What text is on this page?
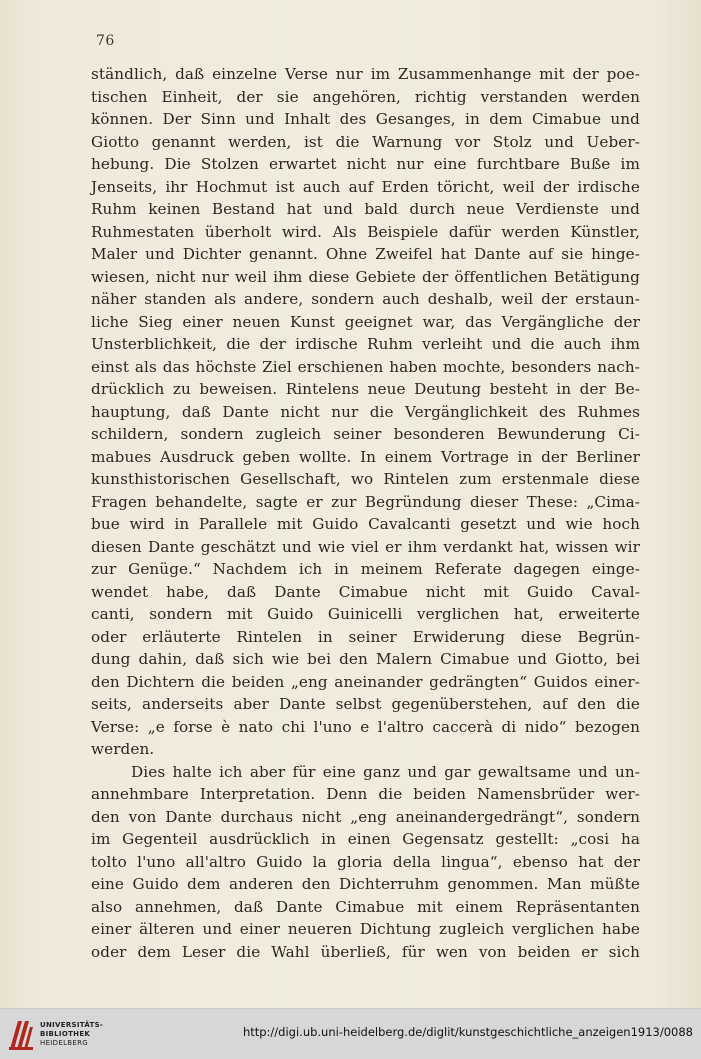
76
ständlich, daß einzelne Verse nur im Zusammenhange mit der poe-
tischen Einheit, der sie angehören, richtig verstanden werden
können. Der Sinn und Inhalt des Gesanges, in dem Cimabue und
Giotto genannt werden, ist die Warnung vor Stolz und Ueber-
hebung. Die Stolzen erwartet nicht nur eine furchtbare Buße im
Jenseits, ihr Hochmut ist auch auf Erden töricht, weil der irdische
Ruhm keinen Bestand hat und bald durch neue Verdienste und
Ruhmestaten überholt wird. Als Beispiele dafür werden Künstler,
Maler und Dichter genannt. Ohne Zweifel hat Dante auf sie hinge-
wiesen, nicht nur weil ihm diese Gebiete der öffentlichen Betätigung
näher standen als andere, sondern auch deshalb, weil der erstaun-
liche Sieg einer neuen Kunst geeignet war, das Vergängliche der
Unsterblichkeit, die der irdische Ruhm verleiht und die auch ihm
einst als das höchste Ziel erschienen haben mochte, besonders nach-
drücklich zu beweisen. Rintelens neue Deutung besteht in der Be-
hauptung, daß Dante nicht nur die Vergänglichkeit des Ruhmes
schildern, sondern zugleich seiner besonderen Bewunderung Ci-
mabues Ausdruck geben wollte. In einem Vortrage in der Berliner
kunsthistorischen Gesellschaft, wo Rintelen zum erstenmale diese
Fragen behandelte, sagte er zur Begründung dieser These: „Cima-
bue wird in Parallele mit Guido Cavalcanti gesetzt und wie hoch
diesen Dante geschätzt und wie viel er ihm verdankt hat, wissen wir
zur Genüge.“ Nachdem ich in meinem Referate dagegen einge-
wendet habe, daß Dante Cimabue nicht mit Guido Caval-
canti, sondern mit Guido Guinicelli verglichen hat, erweiterte
oder erläuterte Rintelen in seiner Erwiderung diese Begrün-
dung dahin, daß sich wie bei den Malern Cimabue und Giotto, bei
den Dichtern die beiden „eng aneinander gedrängten“ Guidos einer-
seits, anderseits aber Dante selbst gegenüberstehen, auf den die
Verse: „e forse è nato chi l'uno e l'altro caccerà di nido“ bezogen
werden.
Dies halte ich aber für eine ganz und gar gewaltsame und un-
annehmbare Interpretation. Denn die beiden Namensbrüder wer-
den von Dante durchaus nicht „eng aneinandergedrängt“, sondern
im Gegenteil ausdrücklich in einen Gegensatz gestellt: „cosi ha
tolto l'uno all'altro Guido la gloria della lingua“, ebenso hat der
eine Guido dem anderen den Dichterruhm genommen. Man müßte
also annehmen, daß Dante Cimabue mit einem Repräsentanten
einer älteren und einer neueren Dichtung zugleich verglichen habe
oder dem Leser die Wahl überließ, für wen von beiden er sich
UNIVERSITÄTS-
BIBLIOTHEK
HEIDELBERG
http://digi.ub.uni-heidelberg.de/diglit/kunstgeschichtliche_anzeigen1913/0088
